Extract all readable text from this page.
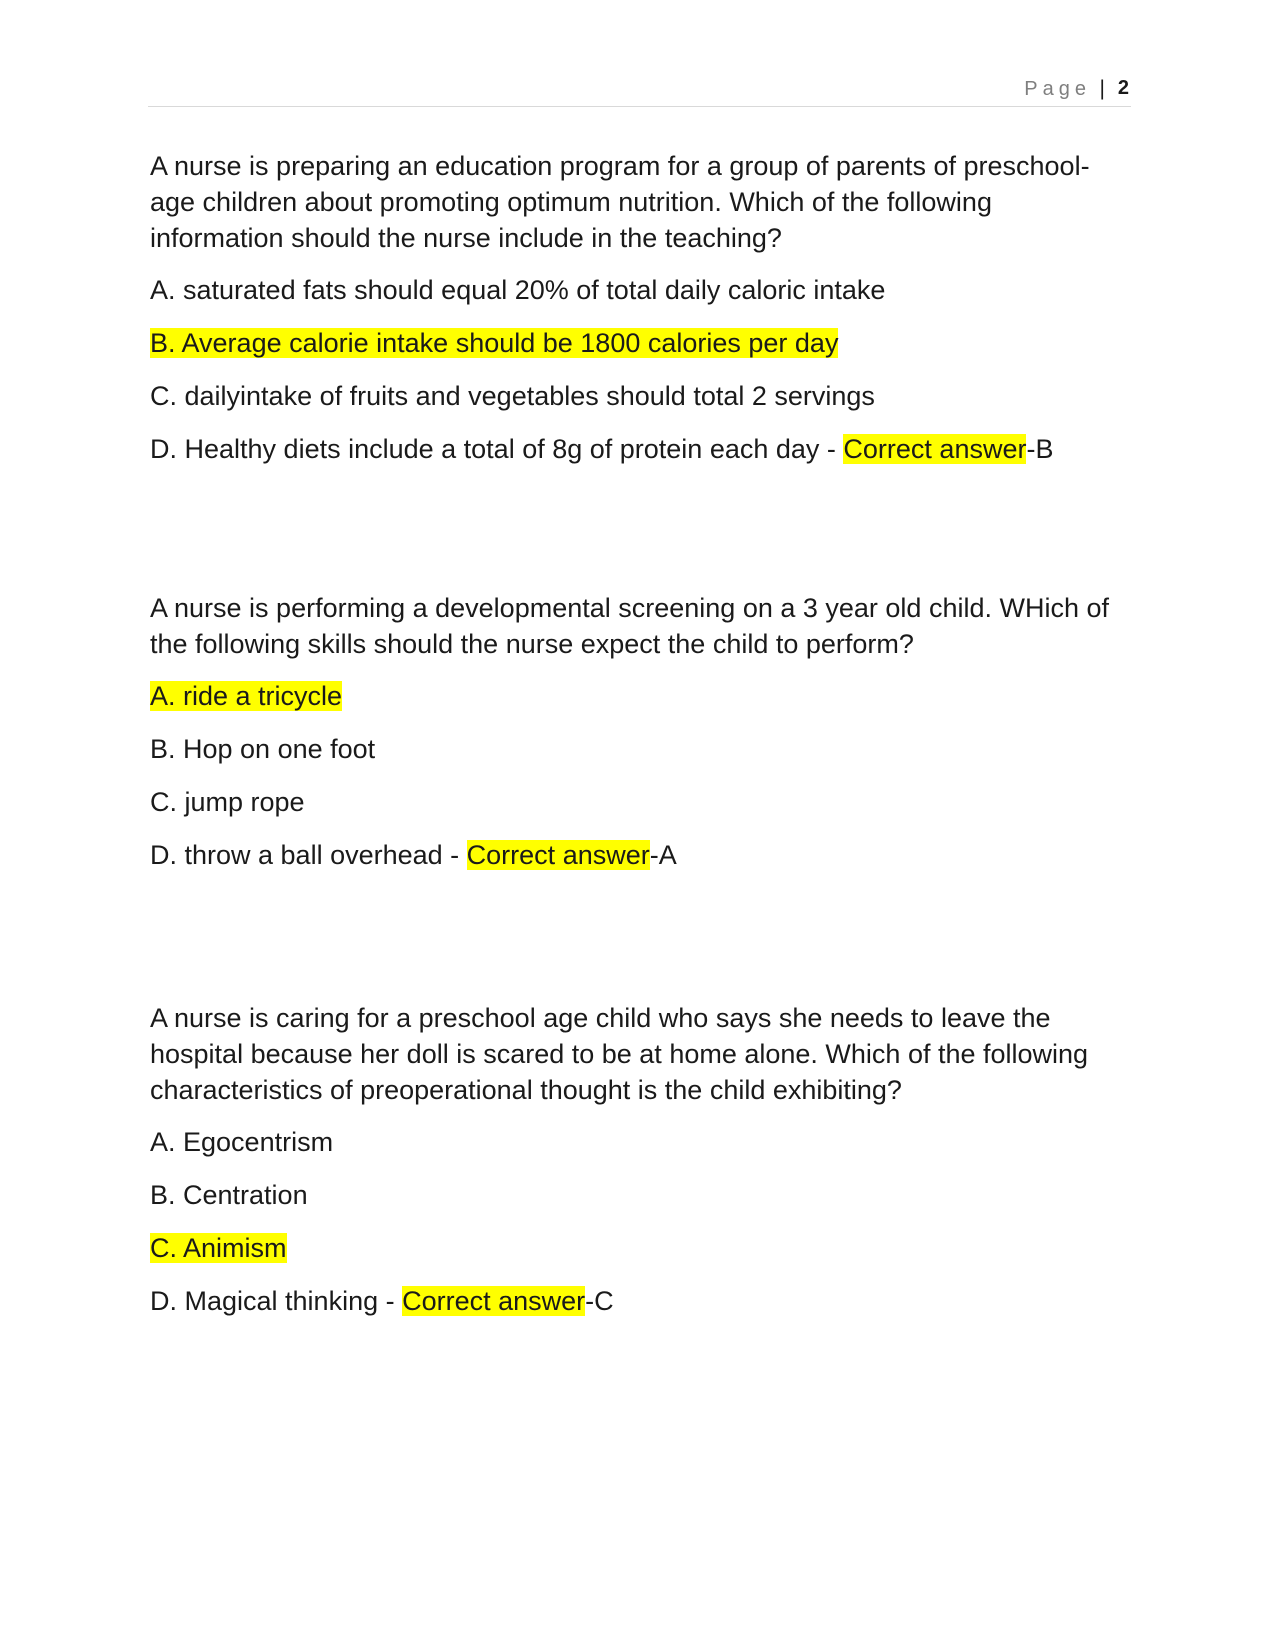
Page | 2

A nurse is preparing an education program for a group of parents of preschool-age children about promoting optimum nutrition. Which of the following information should the nurse include in the teaching?

A. saturated fats should equal 20% of total daily caloric intake

B. Average calorie intake should be 1800 calories per day

C. dailyintake of fruits and vegetables should total 2 servings

D. Healthy diets include a total of 8g of protein each day - Correct answer-B

A nurse is performing a developmental screening on a 3 year old child. WHich of the following skills should the nurse expect the child to perform?

A. ride a tricycle

B. Hop on one foot

C. jump rope

D. throw a ball overhead - Correct answer-A

A nurse is caring for a preschool age child who says she needs to leave the hospital because her doll is scared to be at home alone. Which of the following characteristics of preoperational thought is the child exhibiting?

A. Egocentrism

B. Centration

C. Animism

D. Magical thinking - Correct answer-C
